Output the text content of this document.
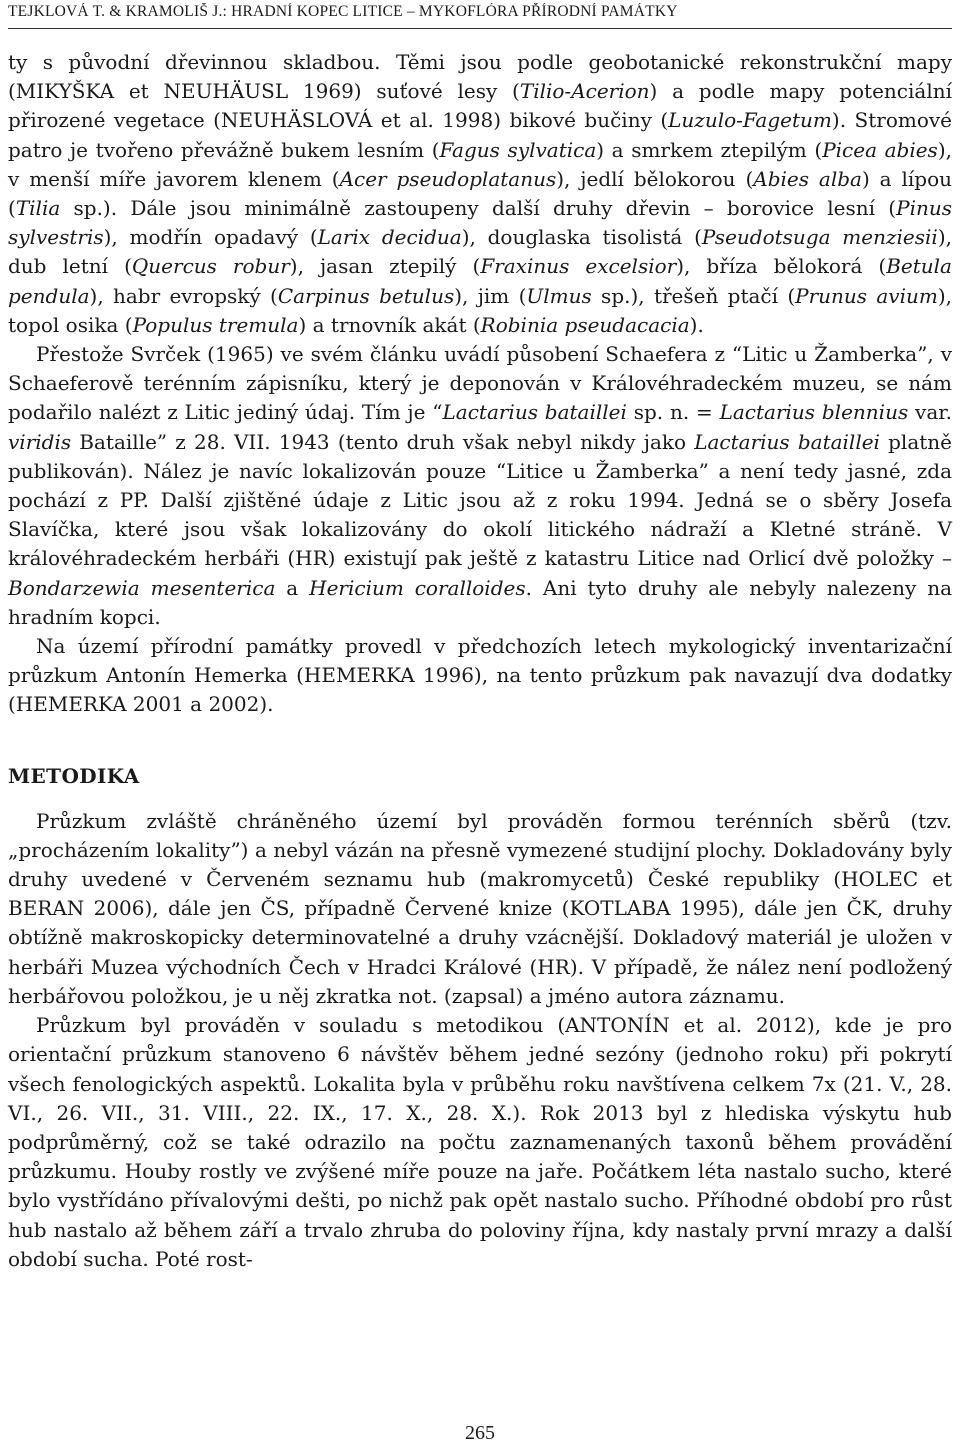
TEJKLOVÁ T. & KRAMOLIŠ J.: HRADNÍ KOPEC LITICE – MYKOFLÓRA PŘÍRODNÍ PAMÁTKY

ty s původní dřevinnou skladbou. Těmi jsou podle geobotanické rekonstrukční mapy (MIKYŠKA et NEUHÄUSL 1969) suťové lesy (Tilio-Acerion) a podle mapy potenciální přirozené vegetace (NEUHÄSLOVÁ et al. 1998) bikové bučiny (Luzulo-Fagetum). Stromové patro je tvořeno převážně bukem lesním (Fagus sylvatica) a smrkem ztepilým (Picea abies), v menší míře javorem klenem (Acer pseudoplatanus), jedlí bělokorou (Abies alba) a lípou (Tilia sp.). Dále jsou minimálně zastoupeny další druhy dřevin – borovice lesní (Pinus sylvestris), modřín opadavý (Larix decidua), douglaska tisolistá (Pseudotsuga menziesii), dub letní (Quercus robur), jasan ztepilý (Fraxinus excelsior), bříza bělokorá (Betula pendula), habr evropský (Carpinus betulus), jim (Ulmus sp.), třešeň ptačí (Prunus avium), topol osika (Populus tremula) a trnovník akát (Robinia pseudacacia).

Přestože Svrček (1965) ve svém článku uvádí působení Schaefera z “Litic u Žamberka”, v Schaeferově terénním zápisníku, který je deponován v Královéhradeckém muzeu, se nám podařilo nalézt z Litic jediný údaj. Tím je “Lactarius bataillei sp. n. = Lactarius blennius var. viridis Bataille” z 28. VII. 1943 (tento druh však nebyl nikdy jako Lactarius bataillei platně publikován). Nález je navíc lokalizován pouze “Litice u Žamberka” a není tedy jasné, zda pochází z PP. Další zjištěné údaje z Litic jsou až z roku 1994. Jedná se o sběry Josefa Slavíčka, které jsou však lokalizovány do okolí litického nádraží a Kletné stráně. V královéhradeckém herbáři (HR) existují pak ještě z katastru Litice nad Orlicí dvě položky – Bondarzewia mesenterica a Hericium coralloides. Ani tyto druhy ale nebyly nalezeny na hradním kopci.

Na území přírodní památky provedl v předchozích letech mykologický inventarizační průzkum Antonín Hemerka (HEMERKA 1996), na tento průzkum pak navazují dva dodatky (HEMERKA 2001 a 2002).

METODIKA

Průzkum zvláště chráněného území byl prováděn formou terénních sběrů (tzv. „procházením lokality”) a nebyl vázán na přesně vymezené studijní plochy. Dokladovány byly druhy uvedené v Červeném seznamu hub (makromycetů) České republiky (HOLEC et BERAN 2006), dále jen ČS, případně Červené knize (KOTLABA 1995), dále jen ČK, druhy obtížně makroskopicky determinovatelné a druhy vzácnější. Dokladový materiál je uložen v herbáři Muzea východních Čech v Hradci Králové (HR). V případě, že nález není podložený herbářovou položkou, je u něj zkratka not. (zapsal) a jméno autora záznamu.

Průzkum byl prováděn v souladu s metodikou (ANTONÍN et al. 2012), kde je pro orientační průzkum stanoveno 6 návštěv během jedné sezóny (jednoho roku) při pokrytí všech fenologických aspektů. Lokalita byla v průběhu roku navštívena celkem 7x (21. V., 28. VI., 26. VII., 31. VIII., 22. IX., 17. X., 28. X.). Rok 2013 byl z hlediska výskytu hub podprůměrný, což se také odrazilo na počtu zaznamenaných taxonů během provádění průzkumu. Houby rostly ve zvýšené míře pouze na jaře. Počátkem léta nastalo sucho, které bylo vystřídáno přívalovými dešti, po nichž pak opět nastalo sucho. Příhodné období pro růst hub nastalo až během září a trvalo zhruba do poloviny října, kdy nastaly první mrazy a další období sucha. Poté rost-

265
